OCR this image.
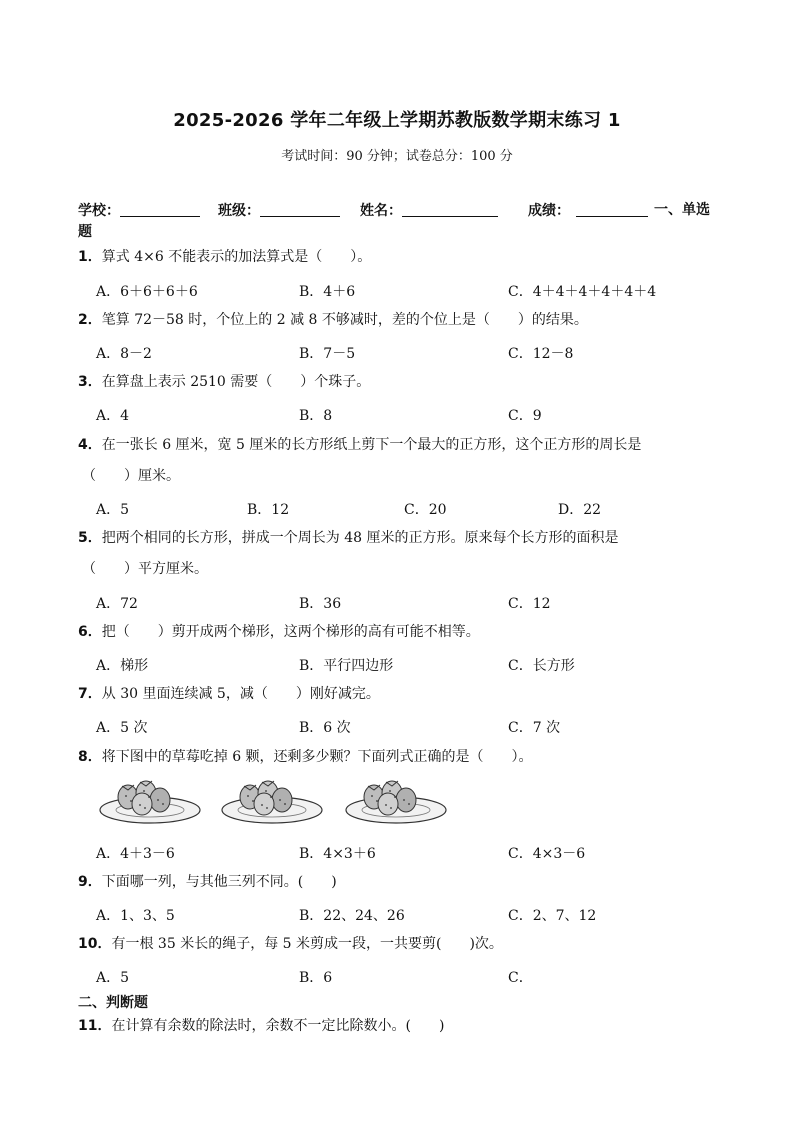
2025-2026 学年二年级上学期苏教版数学期末练习 1
考试时间：90 分钟；试卷总分：100 分
学校：	班级：	姓名：	成绩：	一、单选
题
1．算式 4×6 不能表示的加法算式是（　　）。
A．6＋6＋6＋6	B．4＋6	C．4＋4＋4＋4＋4＋4
2．笔算 72－58 时，个位上的 2 减 8 不够减时，差的个位上是（　　）的结果。
A．8－2	B．7－5	C．12－8
3．在算盘上表示 2510 需要（　　）个珠子。
A．4	B．8	C．9
4．在一张长 6 厘米，宽 5 厘米的长方形纸上剪下一个最大的正方形，这个正方形的周长是
（　　）厘米。
A．5	B．12	C．20	D．22
5．把两个相同的长方形，拼成一个周长为 48 厘米的正方形。原来每个长方形的面积是
（　　）平方厘米。
A．72	B．36	C．12
6．把（　　）剪开成两个梯形，这两个梯形的高有可能不相等。
A．梯形	B．平行四边形	C．长方形
7．从 30 里面连续减 5，减（　　）刚好减完。
A．5 次	B．6 次	C．7 次
8．将下图中的草莓吃掉 6 颗，还剩多少颗？下面列式正确的是（　　）。
A．4＋3－6	B．4×3＋6	C．4×3－6
9．下面哪一列，与其他三列不同。(　　)
A．1、3、5	B．22、24、26	C．2、7、12
10．有一根 35 米长的绳子，每 5 米剪成一段，一共要剪(　　)次。
A．5	B．6	C．
二、判断题
11．在计算有余数的除法时，余数不一定比除数小。(　　)
